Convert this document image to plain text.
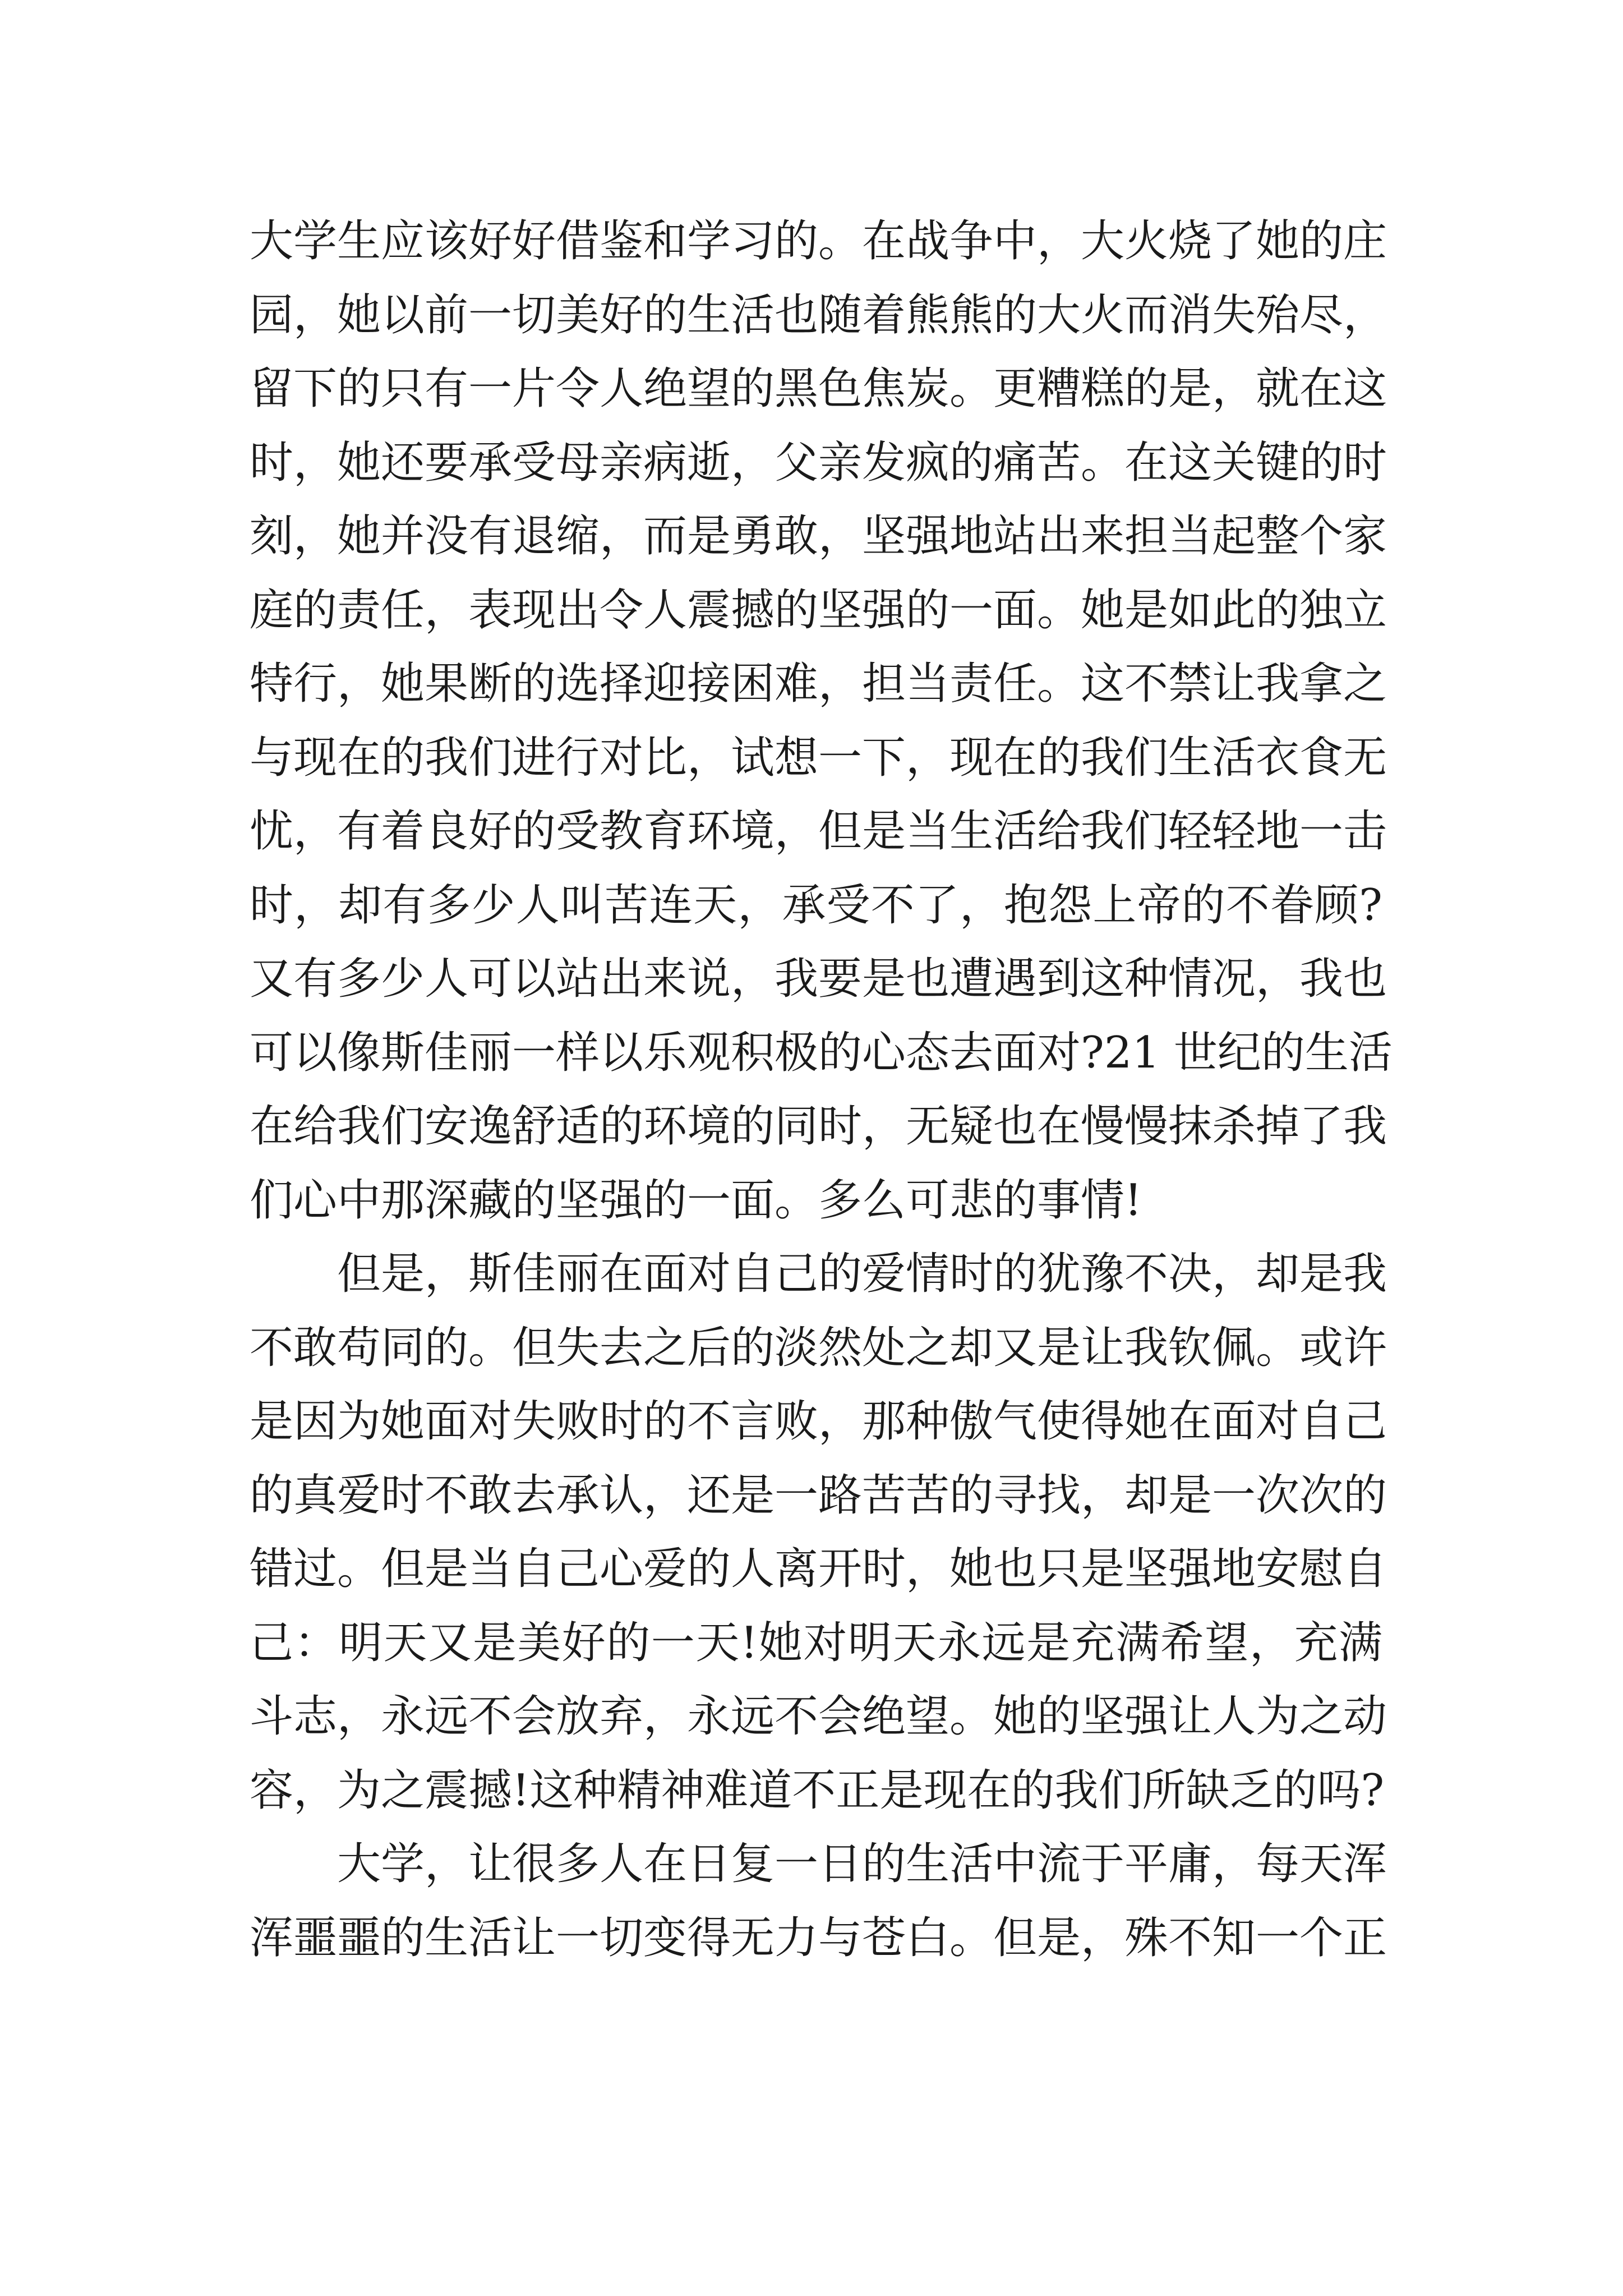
大学生应该好好借鉴和学习的。在战争中，大火烧了她的庄
园，她以前一切美好的生活也随着熊熊的大火而消失殆尽，
留下的只有一片令人绝望的黑色焦炭。更糟糕的是，就在这
时，她还要承受母亲病逝，父亲发疯的痛苦。在这关键的时
刻，她并没有退缩，而是勇敢，坚强地站出来担当起整个家
庭的责任，表现出令人震撼的坚强的一面。她是如此的独立
特行，她果断的选择迎接困难，担当责任。这不禁让我拿之
与现在的我们进行对比，试想一下，现在的我们生活衣食无
忧，有着良好的受教育环境，但是当生活给我们轻轻地一击
时，却有多少人叫苦连天，承受不了，抱怨上帝的不眷顾?
又有多少人可以站出来说，我要是也遭遇到这种情况，我也
可以像斯佳丽一样以乐观积极的心态去面对?21 世纪的生活
在给我们安逸舒适的环境的同时，无疑也在慢慢抹杀掉了我
们心中那深藏的坚强的一面。多么可悲的事情!
但是，斯佳丽在面对自己的爱情时的犹豫不决，却是我
不敢苟同的。但失去之后的淡然处之却又是让我钦佩。或许
是因为她面对失败时的不言败，那种傲气使得她在面对自己
的真爱时不敢去承认，还是一路苦苦的寻找，却是一次次的
错过。但是当自己心爱的人离开时，她也只是坚强地安慰自
己：明天又是美好的一天!她对明天永远是充满希望，充满
斗志，永远不会放弃，永远不会绝望。她的坚强让人为之动
容，为之震撼!这种精神难道不正是现在的我们所缺乏的吗?
大学，让很多人在日复一日的生活中流于平庸，每天浑
浑噩噩的生活让一切变得无力与苍白。但是，殊不知一个正
